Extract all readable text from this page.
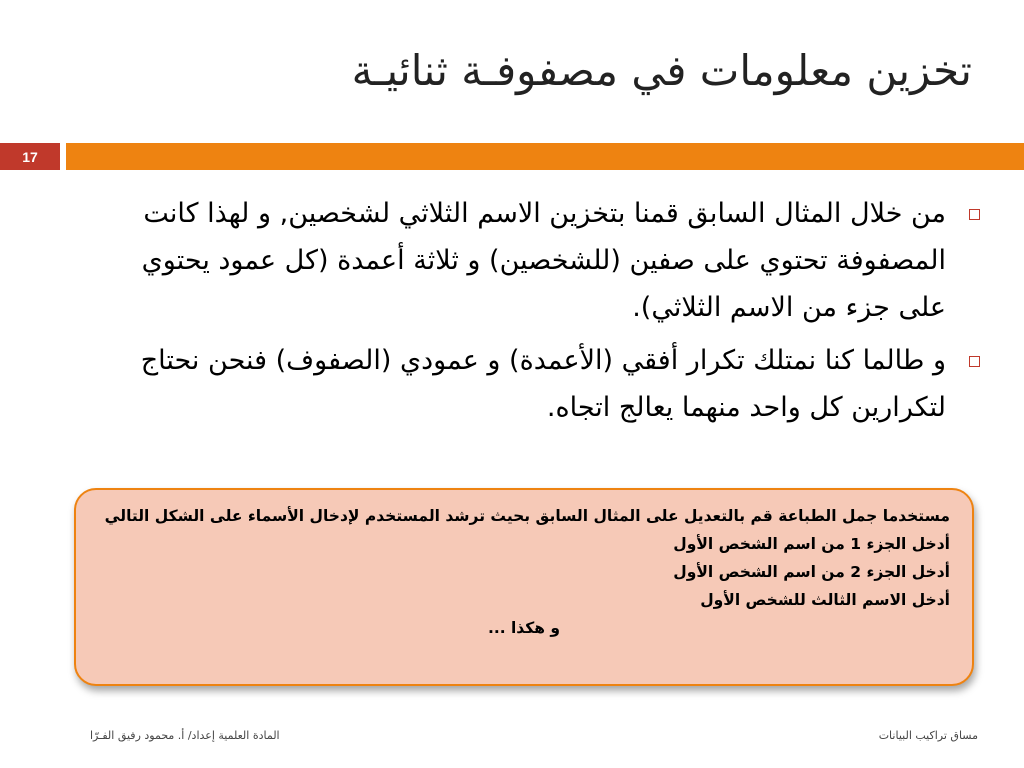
تخزين معلومات في مصفوفـة ثنائيـة
17
من خلال المثال السابق قمنا بتخزين الاسم الثلاثي لشخصين, و لهذا كانت المصفوفة تحتوي على صفين (للشخصين) و ثلاثة أعمدة (كل عمود يحتوي على جزء من الاسم الثلاثي).
و طالما كنا نمتلك تكرار أفقي (الأعمدة) و عمودي (الصفوف) فنحن نحتاج لتكرارين كل واحد منهما يعالج اتجاه.
مستخدما جمل الطباعة قم بالتعديل على المثال السابق بحيث ترشد المستخدم لإدخال الأسماء على الشكل التالي
أدخل الجزء 1 من اسم الشخص الأول
أدخل الجزء 2 من اسم الشخص الأول
أدخل الاسم الثالث للشخص الأول
و هكذا ...
المادة العلمية إعداد/ أ. محمود رفيق الفـرّا	مساق تراكيب البيانات
